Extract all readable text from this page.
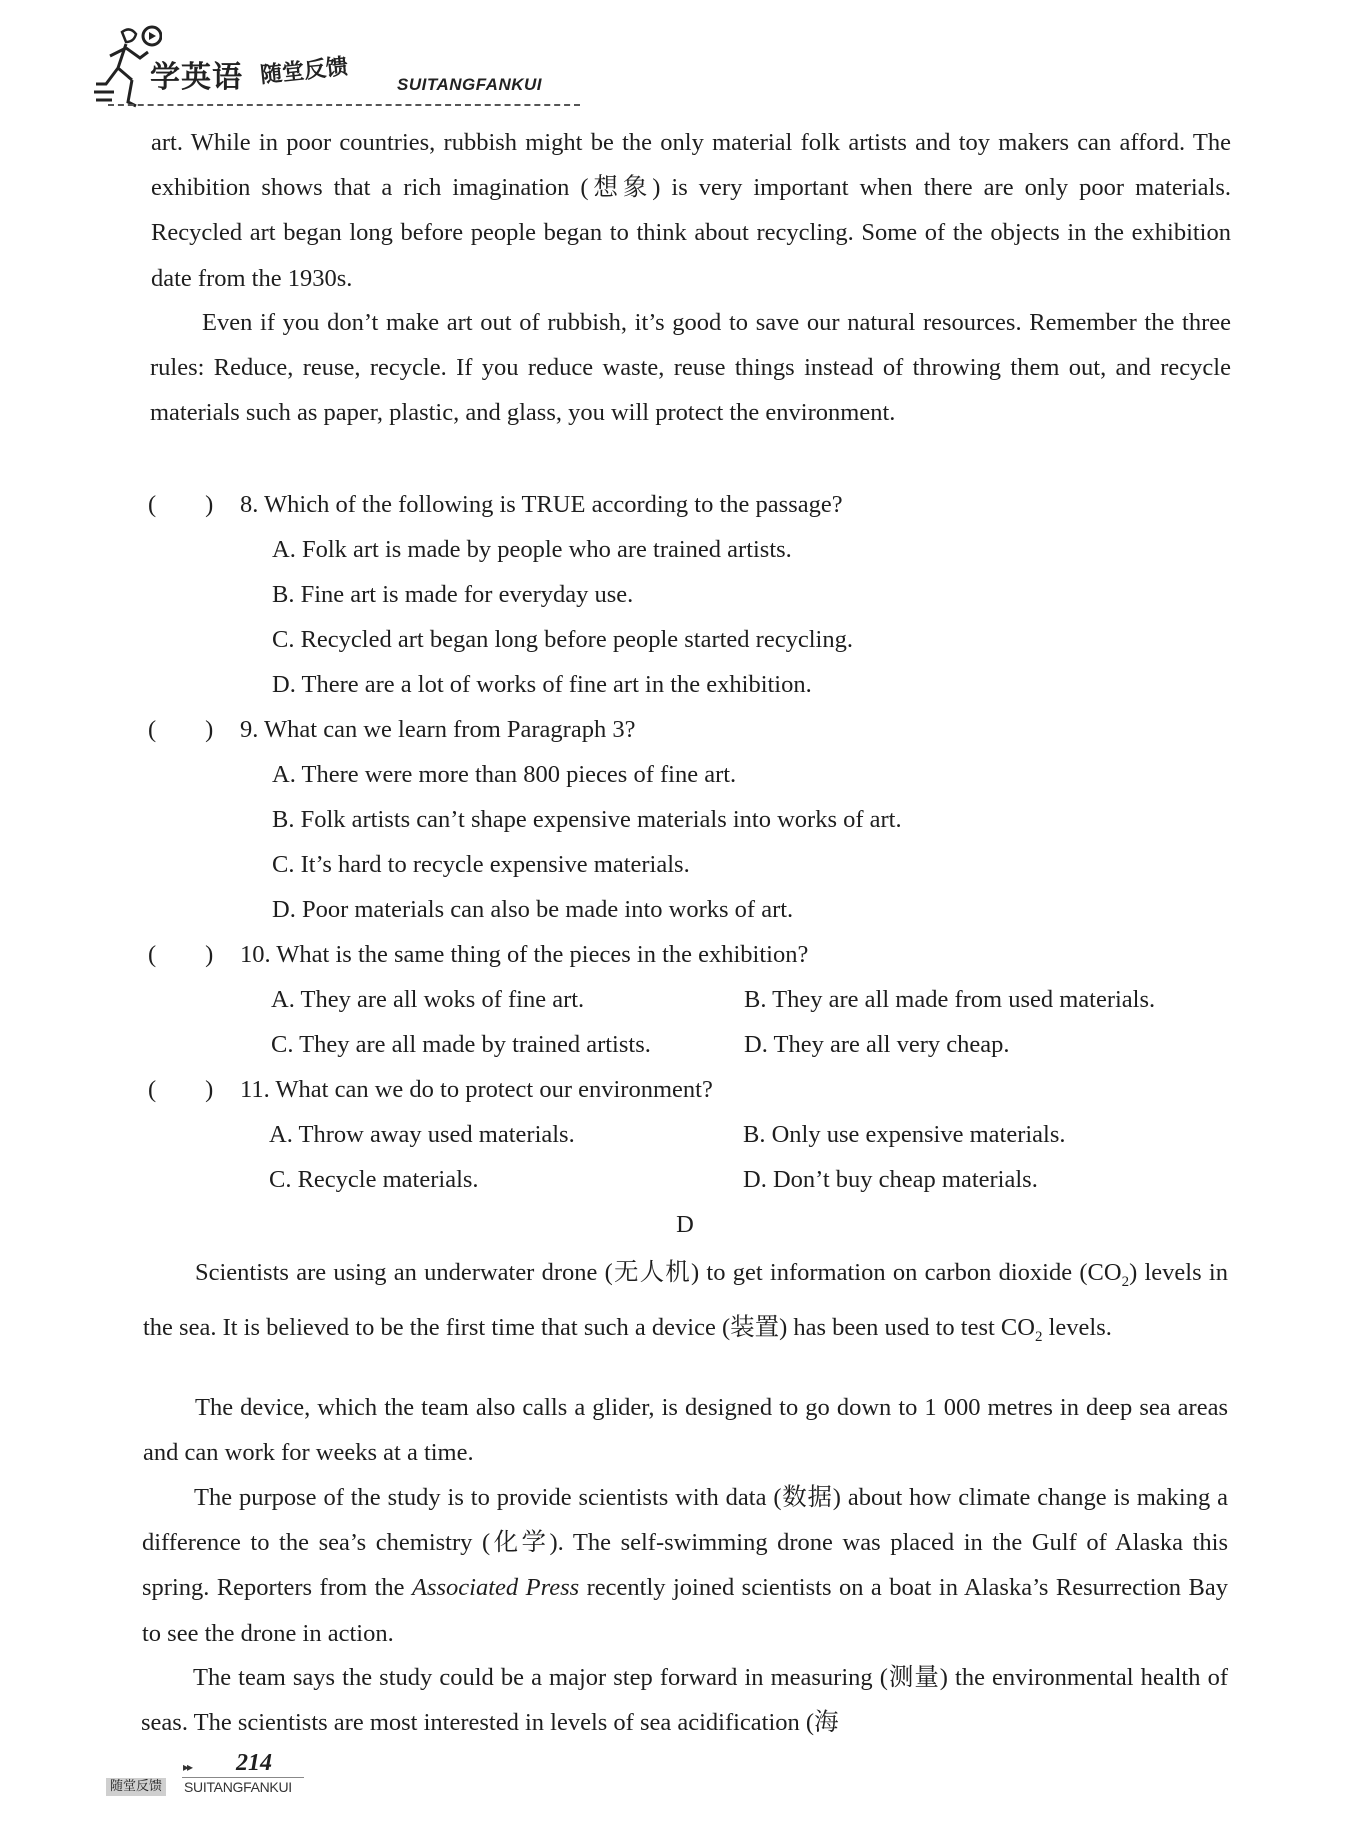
学英语 随堂反馈	SUITANGFANKUI

art. While in poor countries, rubbish might be the only material folk artists and toy makers can afford. The exhibition shows that a rich imagination (想象) is very important when there are only poor materials. Recycled art began long before people began to think about recycling. Some of the objects in the exhibition date from the 1930s.

Even if you don’t make art out of rubbish, it’s good to save our natural resources. Remember the three rules: Reduce, reuse, recycle. If you reduce waste, reuse things instead of throwing them out, and recycle materials such as paper, plastic, and glass, you will protect the environment.

(　　) 8. Which of the following is TRUE according to the passage?
A. Folk art is made by people who are trained artists.
B. Fine art is made for everyday use.
C. Recycled art began long before people started recycling.
D. There are a lot of works of fine art in the exhibition.
(　　) 9. What can we learn from Paragraph 3?
A. There were more than 800 pieces of fine art.
B. Folk artists can’t shape expensive materials into works of art.
C. It’s hard to recycle expensive materials.
D. Poor materials can also be made into works of art.
(　　) 10. What is the same thing of the pieces in the exhibition?
A. They are all woks of fine art.	B. They are all made from used materials.
C. They are all made by trained artists.	D. They are all very cheap.
(　　) 11. What can we do to protect our environment?
A. Throw away used materials.	B. Only use expensive materials.
C. Recycle materials.	D. Don’t buy cheap materials.
D

Scientists are using an underwater drone (无人机) to get information on carbon dioxide $(CO_2)$ levels in the sea. It is believed to be the first time that such a device (装置) has been used to test $CO_2$ levels.

The device, which the team also calls a glider, is designed to go down to 1 000 metres in deep sea areas and can work for weeks at a time.

The purpose of the study is to provide scientists with data (数据) about how climate change is making a difference to the sea’s chemistry (化学). The self-swimming drone was placed in the Gulf of Alaska this spring. Reporters from the Associated Press recently joined scientists on a boat in Alaska’s Resurrection Bay to see the drone in action.

The team says the study could be a major step forward in measuring (测量) the environmental health of seas. The scientists are most interested in levels of sea acidification (海

▸▸ 214
随堂反馈 SUITANGFANKUI
